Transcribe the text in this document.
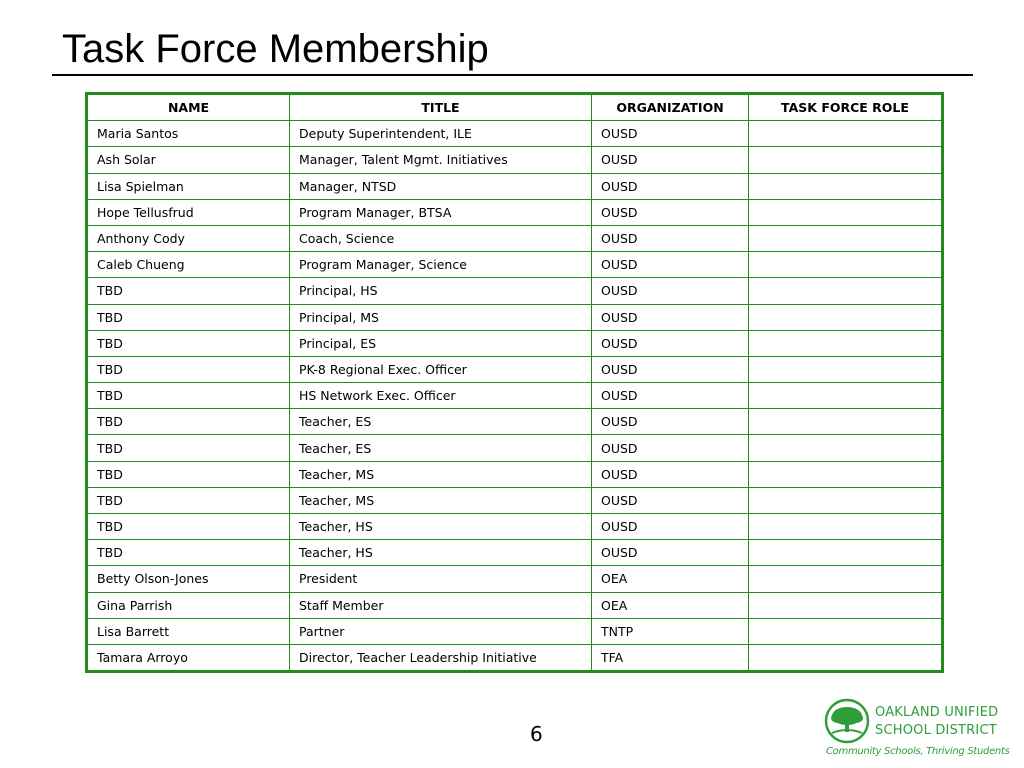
Task Force Membership
NAME	TITLE	ORGANIZATION	TASK FORCE ROLE
Maria Santos	Deputy Superintendent, ILE	OUSD	
Ash Solar	Manager, Talent Mgmt. Initiatives	OUSD	
Lisa Spielman	Manager, NTSD	OUSD	
Hope Tellusfrud	Program Manager, BTSA	OUSD	
Anthony Cody	Coach, Science	OUSD	
Caleb Chueng	Program Manager, Science	OUSD	
TBD	Principal, HS	OUSD	
TBD	Principal, MS	OUSD	
TBD	Principal, ES	OUSD	
TBD	PK-8 Regional Exec. Officer	OUSD	
TBD	HS Network Exec. Officer	OUSD	
TBD	Teacher, ES	OUSD	
TBD	Teacher, ES	OUSD	
TBD	Teacher, MS	OUSD	
TBD	Teacher, MS	OUSD	
TBD	Teacher, HS	OUSD	
TBD	Teacher, HS	OUSD	
Betty Olson-Jones	President	OEA	
Gina Parrish	Staff Member	OEA	
Lisa Barrett	Partner	TNTP	
Tamara Arroyo	Director, Teacher Leadership Initiative	TFA	
6
OAKLAND UNIFIED
SCHOOL DISTRICT
Community Schools, Thriving Students
